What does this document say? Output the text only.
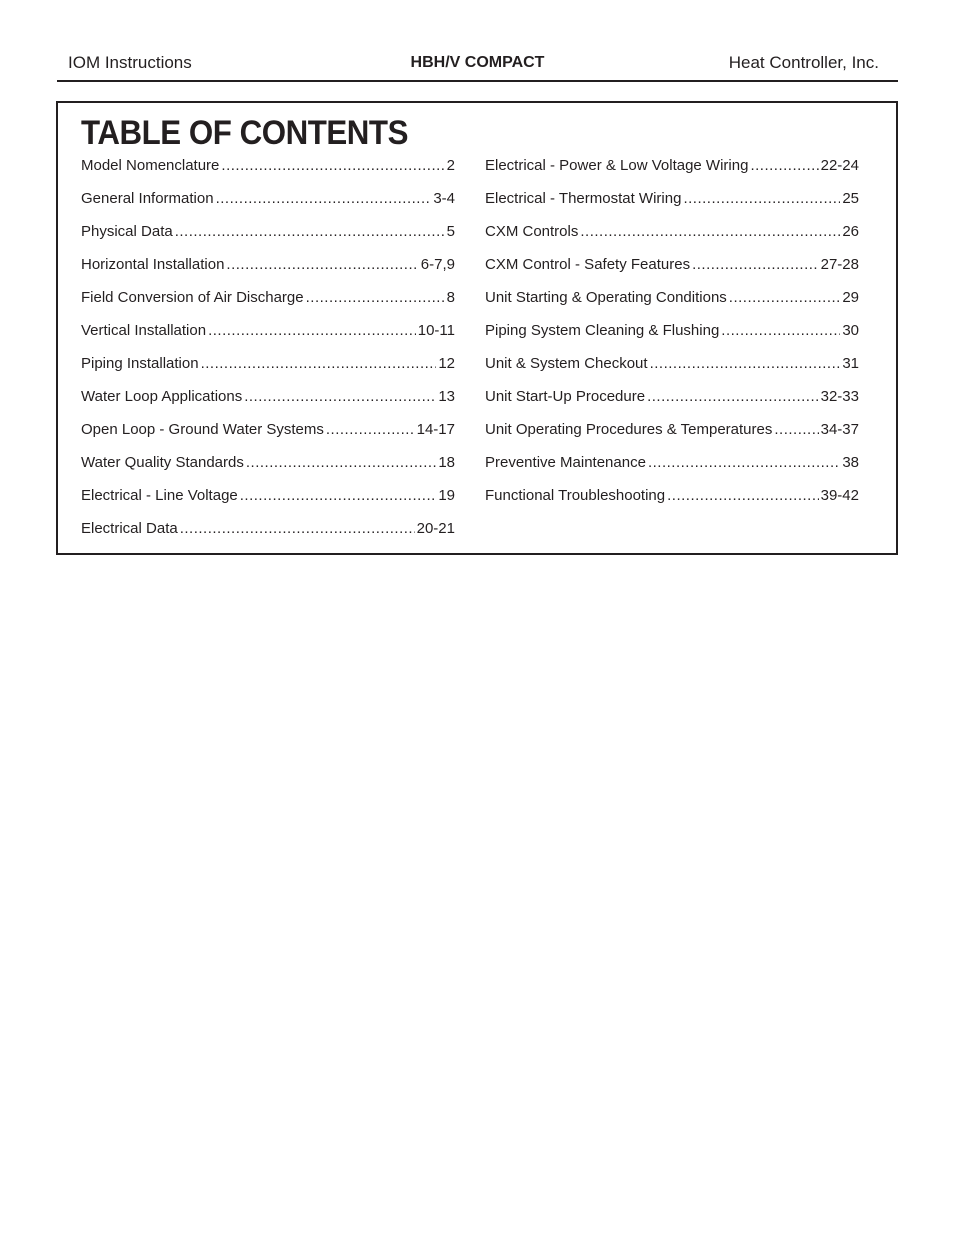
IOM Instructions	HBH/V COMPACT	Heat Controller, Inc.
TABLE OF CONTENTS
Model Nomenclature .....	2
General Information .....	3-4
Physical Data .....	5
Horizontal Installation .....	6-7,9
Field Conversion of Air Discharge .....	8
Vertical Installation .....	10-11
Piping Installation .....	12
Water Loop Applications .....	13
Open Loop - Ground Water Systems .....	14-17
Water Quality Standards .....	18
Electrical - Line Voltage .....	19
Electrical Data .....	20-21
Electrical - Power & Low Voltage Wiring .....	22-24
Electrical - Thermostat Wiring .....	25
CXM Controls .....	26
CXM Control - Safety Features .....	27-28
Unit Starting & Operating Conditions .....	29
Piping System Cleaning & Flushing .....	30
Unit & System Checkout .....	31
Unit Start-Up Procedure .....	32-33
Unit Operating Procedures & Temperatures .....	34-37
Preventive Maintenance .....	38
Functional Troubleshooting .....	39-42
